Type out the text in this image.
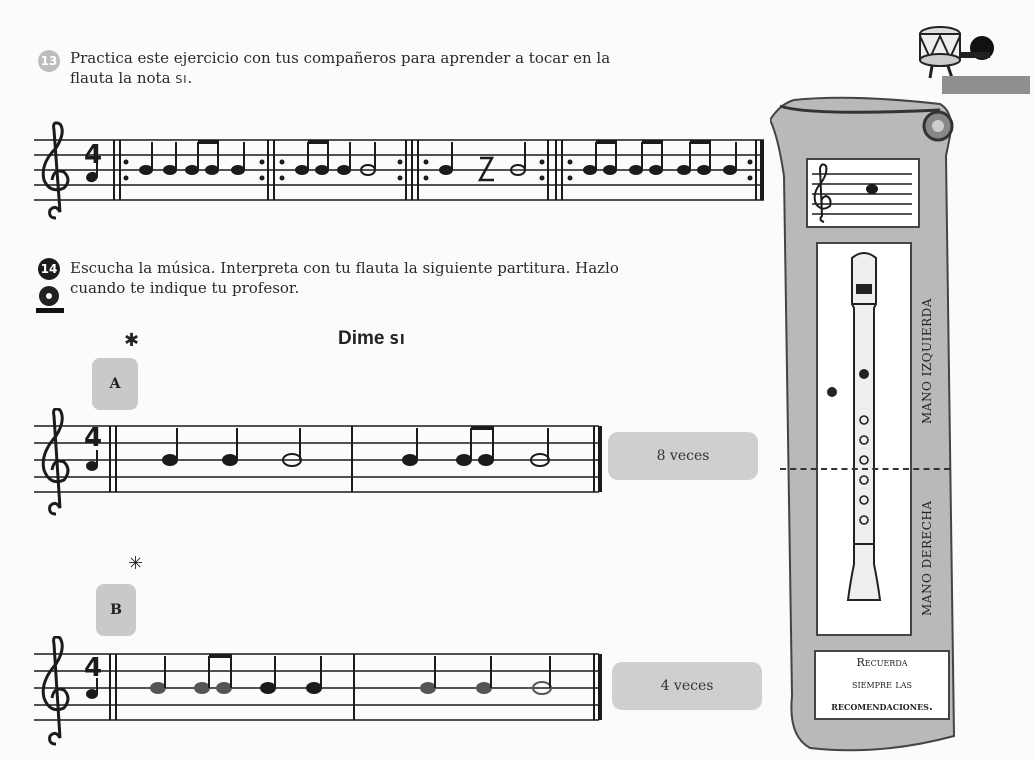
13 Practica este ejercicio con tus compañeros para aprender a tocar en la
flauta la nota SI.
4
14 Escucha la música. Interpreta con tu flauta la siguiente partitura. Hazlo
cuando te indique tu profesor.
Dime SI
✱
✳
A
4
8 veces
B
4
4 veces
MANO IZQUIERDA
MANO DERECHA
Recuerda
siempre las
recomendaciones.
